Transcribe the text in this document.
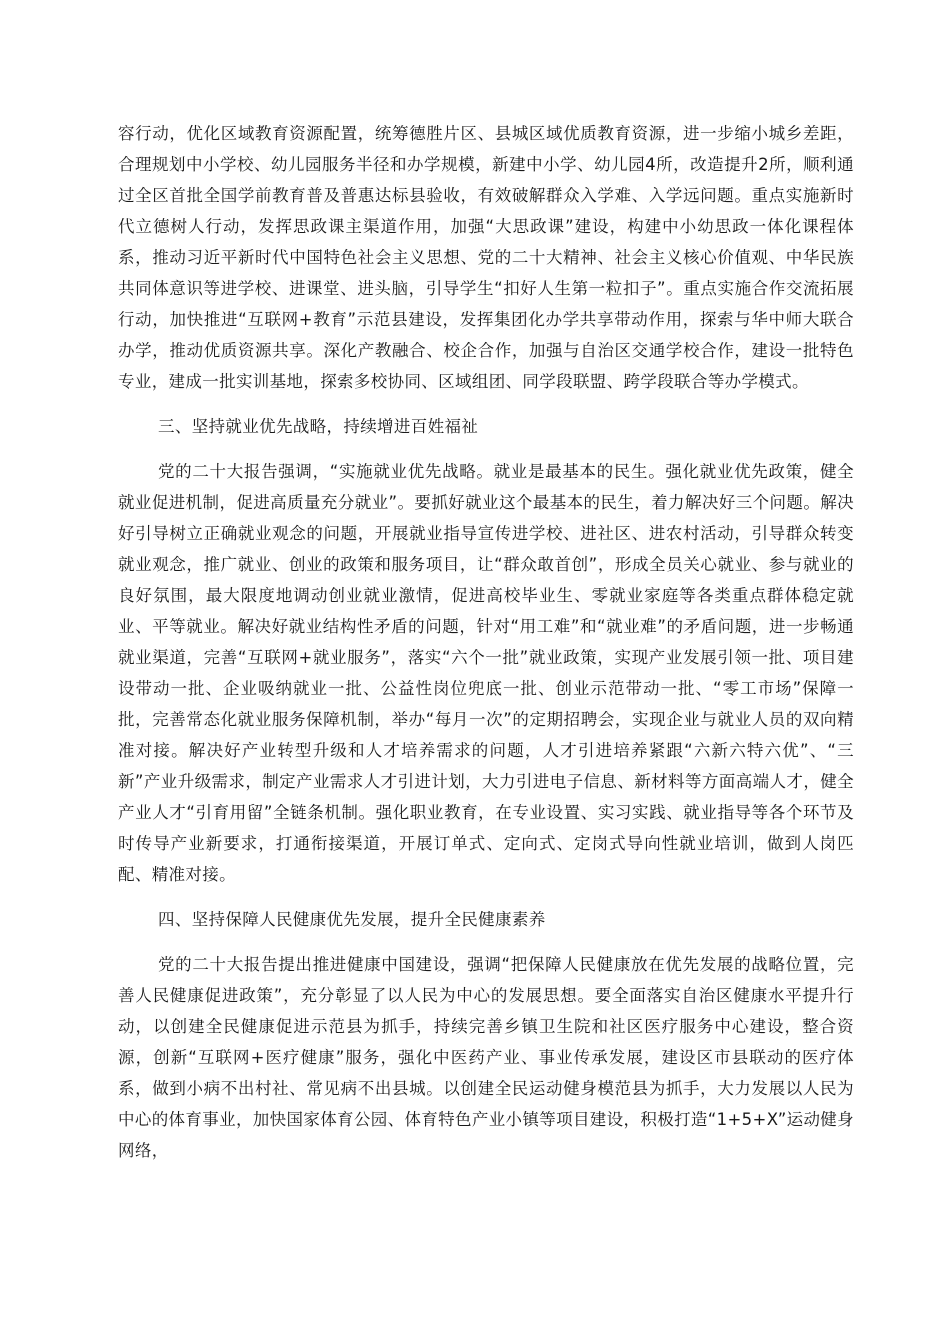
容行动，优化区域教育资源配置，统筹德胜片区、县城区域优质教育资源，进一步缩小城乡差距，合理规划中小学校、幼儿园服务半径和办学规模，新建中小学、幼儿园4所，改造提升2所，顺利通过全区首批全国学前教育普及普惠达标县验收，有效破解群众入学难、入学远问题。重点实施新时代立德树人行动，发挥思政课主渠道作用，加强“大思政课”建设，构建中小幼思政一体化课程体系，推动习近平新时代中国特色社会主义思想、党的二十大精神、社会主义核心价值观、中华民族共同体意识等进学校、进课堂、进头脑，引导学生“扣好人生第一粒扣子”。重点实施合作交流拓展行动，加快推进“互联网+教育”示范县建设，发挥集团化办学共享带动作用，探索与华中师大联合办学，推动优质资源共享。深化产教融合、校企合作，加强与自治区交通学校合作，建设一批特色专业，建成一批实训基地，探索多校协同、区域组团、同学段联盟、跨学段联合等办学模式。

三、坚持就业优先战略，持续增进百姓福祉

党的二十大报告强调，“实施就业优先战略。就业是最基本的民生。强化就业优先政策，健全就业促进机制，促进高质量充分就业”。要抓好就业这个最基本的民生，着力解决好三个问题。解决好引导树立正确就业观念的问题，开展就业指导宣传进学校、进社区、进农村活动，引导群众转变就业观念，推广就业、创业的政策和服务项目，让“群众敢首创”，形成全员关心就业、参与就业的良好氛围，最大限度地调动创业就业激情，促进高校毕业生、零就业家庭等各类重点群体稳定就业、平等就业。解决好就业结构性矛盾的问题，针对“用工难”和“就业难”的矛盾问题，进一步畅通就业渠道，完善“互联网+就业服务”，落实“六个一批”就业政策，实现产业发展引领一批、项目建设带动一批、企业吸纳就业一批、公益性岗位兜底一批、创业示范带动一批、“零工市场”保障一批，完善常态化就业服务保障机制，举办“每月一次”的定期招聘会，实现企业与就业人员的双向精准对接。解决好产业转型升级和人才培养需求的问题，人才引进培养紧跟“六新六特六优”、“三新”产业升级需求，制定产业需求人才引进计划，大力引进电子信息、新材料等方面高端人才，健全产业人才“引育用留”全链条机制。强化职业教育，在专业设置、实习实践、就业指导等各个环节及时传导产业新要求，打通衔接渠道，开展订单式、定向式、定岗式导向性就业培训，做到人岗匹配、精准对接。

四、坚持保障人民健康优先发展，提升全民健康素养

党的二十大报告提出推进健康中国建设，强调“把保障人民健康放在优先发展的战略位置，完善人民健康促进政策”，充分彰显了以人民为中心的发展思想。要全面落实自治区健康水平提升行动，以创建全民健康促进示范县为抓手，持续完善乡镇卫生院和社区医疗服务中心建设，整合资源，创新“互联网+医疗健康”服务，强化中医药产业、事业传承发展，建设区市县联动的医疗体系，做到小病不出村社、常见病不出县城。以创建全民运动健身模范县为抓手，大力发展以人民为中心的体育事业，加快国家体育公园、体育特色产业小镇等项目建设，积极打造“1+5+X”运动健身网络，
